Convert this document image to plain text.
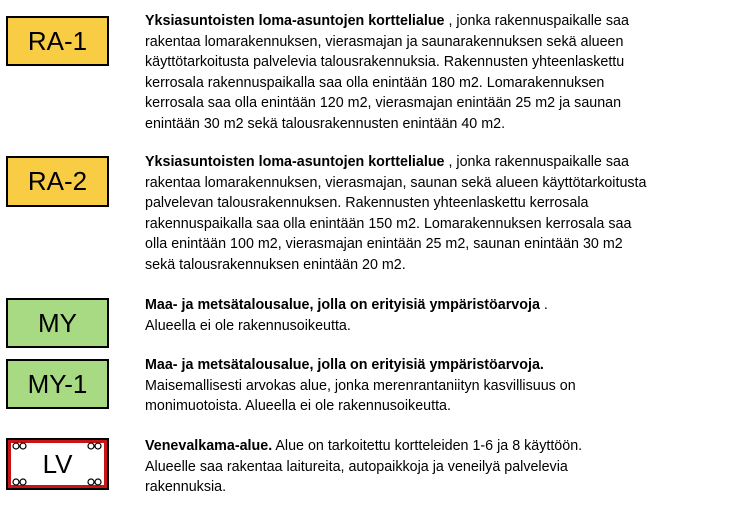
RA-1
Yksiasuntoisten loma-asuntojen korttelialue , jonka rakennuspaikalle saa
rakentaa lomarakennuksen, vierasmajan ja saunarakennuksen sekä alueen
käyttötarkoitusta palvelevia talousrakennuksia. Rakennusten yhteenlaskettu
kerrosala rakennuspaikalla saa olla enintään 180 m2. Lomarakennuksen
kerrosala saa olla enintään 120 m2, vierasmajan enintään 25 m2 ja saunan
enintään 30 m2 sekä talousrakennusten enintään 40 m2.
RA-2
Yksiasuntoisten loma-asuntojen korttelialue , jonka rakennuspaikalle saa
rakentaa lomarakennuksen, vierasmajan, saunan sekä alueen käyttötarkoitusta
palvelevan talousrakennuksen. Rakennusten yhteenlaskettu kerrosala
rakennuspaikalla saa olla enintään 150 m2. Lomarakennuksen kerrosala saa
olla enintään 100 m2, vierasmajan enintään 25 m2, saunan enintään 30 m2
sekä talousrakennuksen enintään 20 m2.
MY
Maa- ja metsätalousalue, jolla on erityisiä ympäristöarvoja .
Alueella ei ole rakennusoikeutta.
MY-1
Maa- ja metsätalousalue, jolla on erityisiä ympäristöarvoja.
Maisemallisesti arvokas alue, jonka merenrantaniityn kasvillisuus on
monimuotoista. Alueella ei ole rakennusoikeutta.
LV
Venevalkama-alue. Alue on tarkoitettu kortteleiden 1-6 ja 8 käyttöön.
Alueelle saa rakentaa laitureita, autopaikkoja ja veneilyä palvelevia
rakennuksia.
